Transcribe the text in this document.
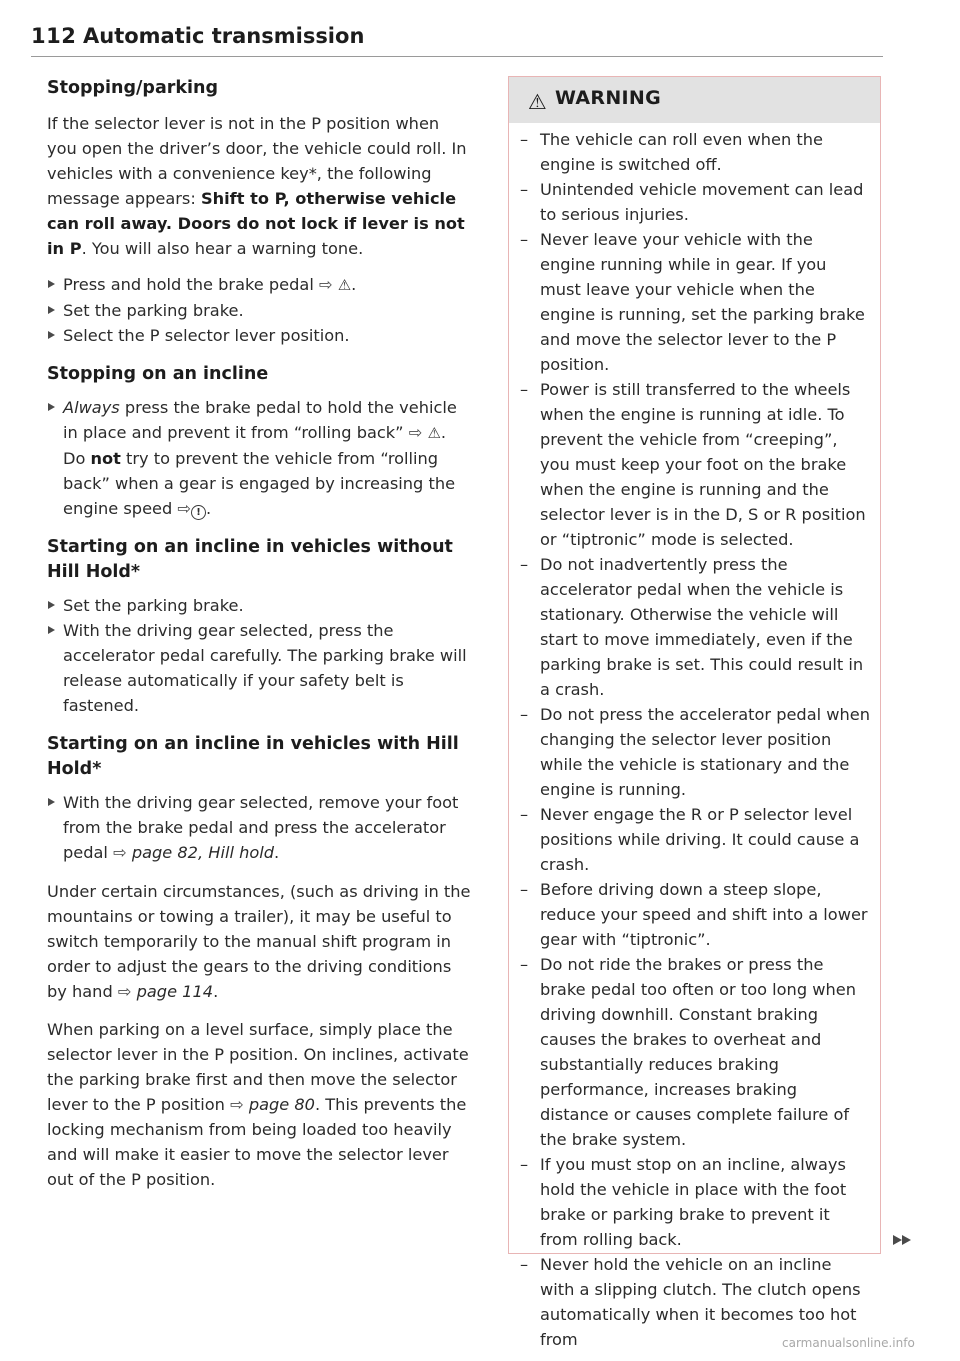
112 Automatic transmission
Stopping/parking

If the selector lever is not in the P position when you open the driver’s door, the vehicle could roll. In vehicles with a convenience key*, the following message appears: Shift to P, otherwise vehicle can roll away. Doors do not lock if lever is not in P. You will also hear a warning tone.

Press and hold the brake pedal ⇨ ⚠.
Set the parking brake.
Select the P selector lever position.
Stopping on an incline
Always press the brake pedal to hold the vehicle in place and prevent it from “rolling back” ⇨ ⚠. Do not try to prevent the vehicle from “rolling back” when a gear is engaged by increasing the engine speed ⇨ ! .
Starting on an incline in vehicles without Hill Hold*
Set the parking brake.
With the driving gear selected, press the accelerator pedal carefully. The parking brake will release automatically if your safety belt is fastened.
Starting on an incline in vehicles with Hill Hold*
With the driving gear selected, remove your foot from the brake pedal and press the accelerator pedal ⇨ page 82, Hill hold.

Under certain circumstances, (such as driving in the mountains or towing a trailer), it may be useful to switch temporarily to the manual shift program in order to adjust the gears to the driving conditions by hand ⇨ page 114.

When parking on a level surface, simply place the selector lever in the P position. On inclines, activate the parking brake first and then move the selector lever to the P position ⇨ page 80. This prevents the locking mechanism from being loaded too heavily and will make it easier to move the selector lever out of the P position.

⚠ WARNING

– The vehicle can roll even when the engine is switched off.

– Unintended vehicle movement can lead to serious injuries.

– Never leave your vehicle with the engine running while in gear. If you must leave your vehicle when the engine is running, set the parking brake and move the selector lever to the P position.

– Power is still transferred to the wheels when the engine is running at idle. To prevent the vehicle from “creeping”, you must keep your foot on the brake when the engine is running and the selector lever is in the D, S or R position or “tiptronic” mode is selected.

– Do not inadvertently press the accelerator pedal when the vehicle is stationary. Otherwise the vehicle will start to move immediately, even if the parking brake is set. This could result in a crash.

– Do not press the accelerator pedal when changing the selector lever position while the vehicle is stationary and the engine is running.

– Never engage the R or P selector level positions while driving. It could cause a crash.

– Before driving down a steep slope, reduce your speed and shift into a lower gear with “tiptronic”.

– Do not ride the brakes or press the brake pedal too often or too long when driving downhill. Constant braking causes the brakes to overheat and substantially reduces braking performance, increases braking distance or causes complete failure of the brake system.

– If you must stop on an incline, always hold the vehicle in place with the foot brake or parking brake to prevent it from rolling back.

– Never hold the vehicle on an incline with a slipping clutch. The clutch opens automatically when it becomes too hot from	carmanualsonline.info
